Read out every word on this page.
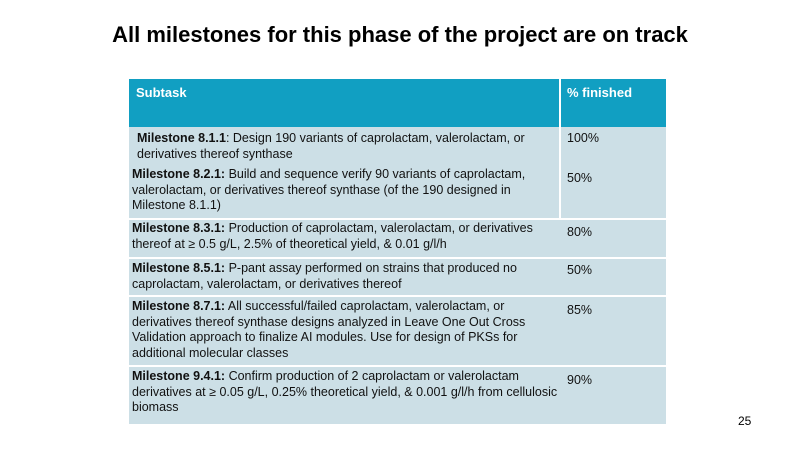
All milestones for this phase of the project are on track
Subtask	% finished
Milestone 8.1.1: Design 190 variants of caprolactam, valerolactam, or derivatives thereof synthase
100%
Milestone 8.2.1: Build and sequence verify 90 variants of caprolactam, valerolactam, or derivatives thereof synthase (of the 190 designed in Milestone 8.1.1)
50%
Milestone 8.3.1: Production of caprolactam, valerolactam, or derivatives thereof at ≥ 0.5 g/L, 2.5% of theoretical yield, & 0.01 g/l/h
80%
Milestone 8.5.1: P-pant assay performed on strains that produced no caprolactam, valerolactam, or derivatives thereof
50%
Milestone 8.7.1: All successful/failed caprolactam, valerolactam, or derivatives thereof synthase designs analyzed in Leave One Out Cross Validation approach to finalize AI modules. Use for design of PKSs for additional molecular classes
85%
Milestone 9.4.1: Confirm production of 2 caprolactam or valerolactam derivatives at ≥ 0.05 g/L, 0.25% theoretical yield, & 0.001 g/l/h from cellulosic biomass
90%
25
